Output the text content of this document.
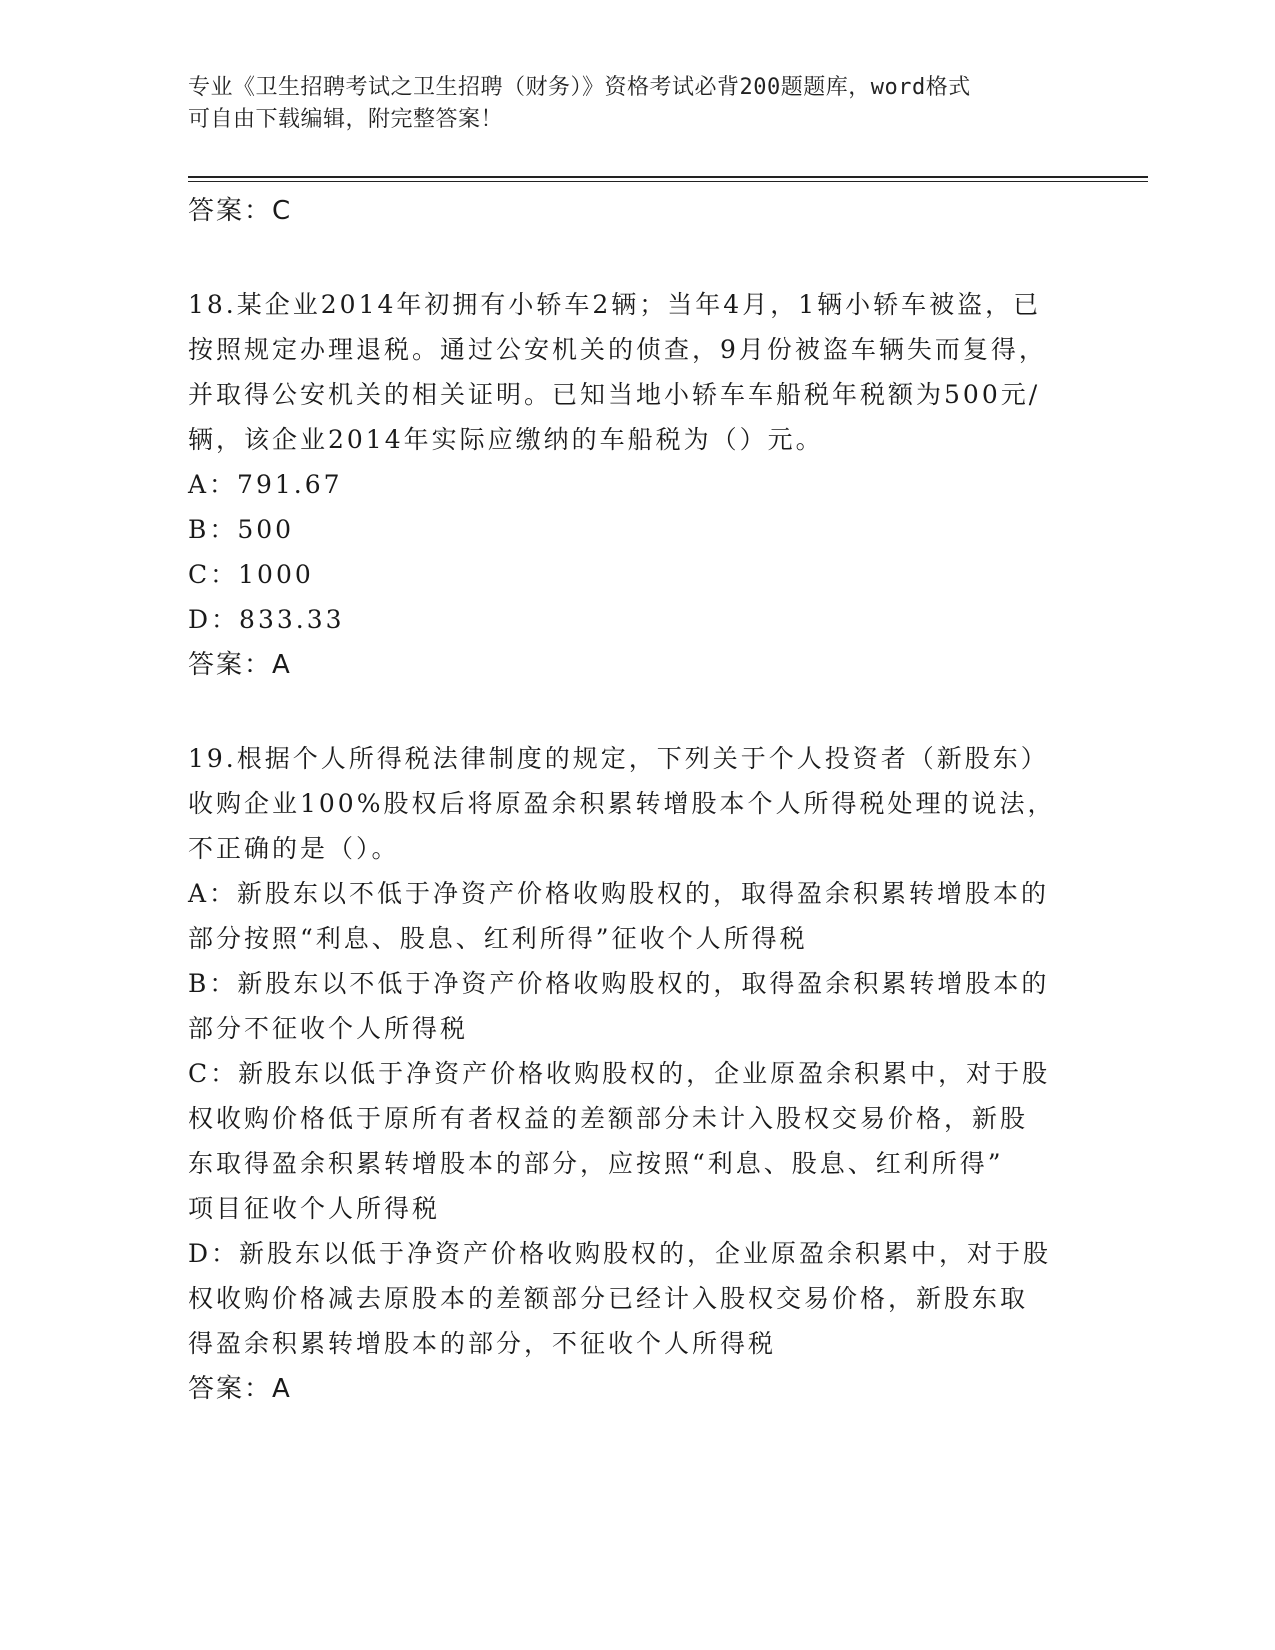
专业《卫生招聘考试之卫生招聘（财务）》资格考试必背200题题库，word格式
可自由下载编辑，附完整答案！
答案：C
18.某企业2014年初拥有小轿车2辆；当年4月，1辆小轿车被盗，已
按照规定办理退税。通过公安机关的侦查，9月份被盗车辆失而复得，
并取得公安机关的相关证明。已知当地小轿车车船税年税额为500元/
辆，该企业2014年实际应缴纳的车船税为（）元。
A：791.67
B：500
C：1000
D：833.33
答案：A
19.根据个人所得税法律制度的规定，下列关于个人投资者（新股东）
收购企业100%股权后将原盈余积累转增股本个人所得税处理的说法，
不正确的是（）。
A：新股东以不低于净资产价格收购股权的，取得盈余积累转增股本的
部分按照“利息、股息、红利所得”征收个人所得税
B：新股东以不低于净资产价格收购股权的，取得盈余积累转增股本的
部分不征收个人所得税
C：新股东以低于净资产价格收购股权的，企业原盈余积累中，对于股
权收购价格低于原所有者权益的差额部分未计入股权交易价格，新股
东取得盈余积累转增股本的部分，应按照“利息、股息、红利所得”
项目征收个人所得税
D：新股东以低于净资产价格收购股权的，企业原盈余积累中，对于股
权收购价格减去原股本的差额部分已经计入股权交易价格，新股东取
得盈余积累转增股本的部分，不征收个人所得税
答案：A
